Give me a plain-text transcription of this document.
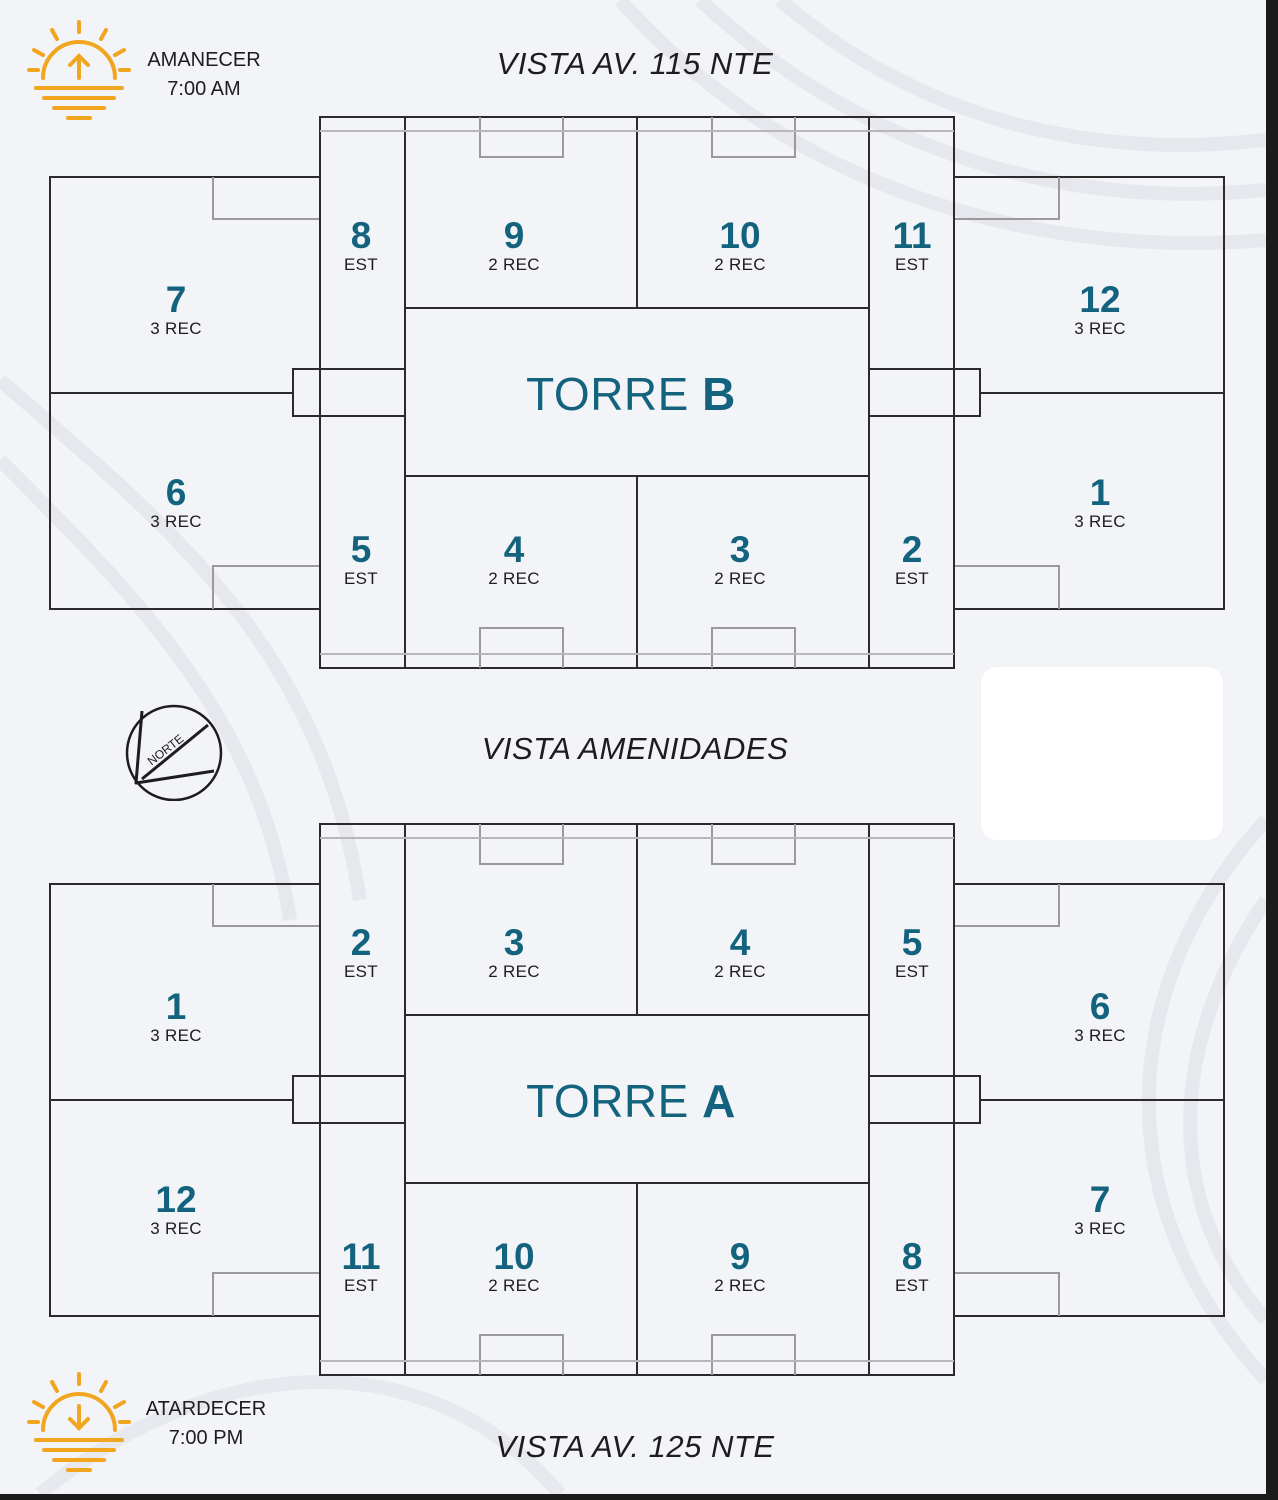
AMANECER
7:00 AM
ATARDECER
7:00 PM
VISTA AV. 115 NTE
VISTA AMENIDADES
VISTA AV. 125 NTE
NORTE
7
3 REC
6
3 REC
8
EST
5
EST
9
2 REC
10
2 REC
4
2 REC
3
2 REC
11
EST
2
EST
12
3 REC
1
3 REC
TORRE B
1
3 REC
12
3 REC
2
EST
11
EST
3
2 REC
4
2 REC
10
2 REC
9
2 REC
5
EST
8
EST
6
3 REC
7
3 REC
TORRE A
